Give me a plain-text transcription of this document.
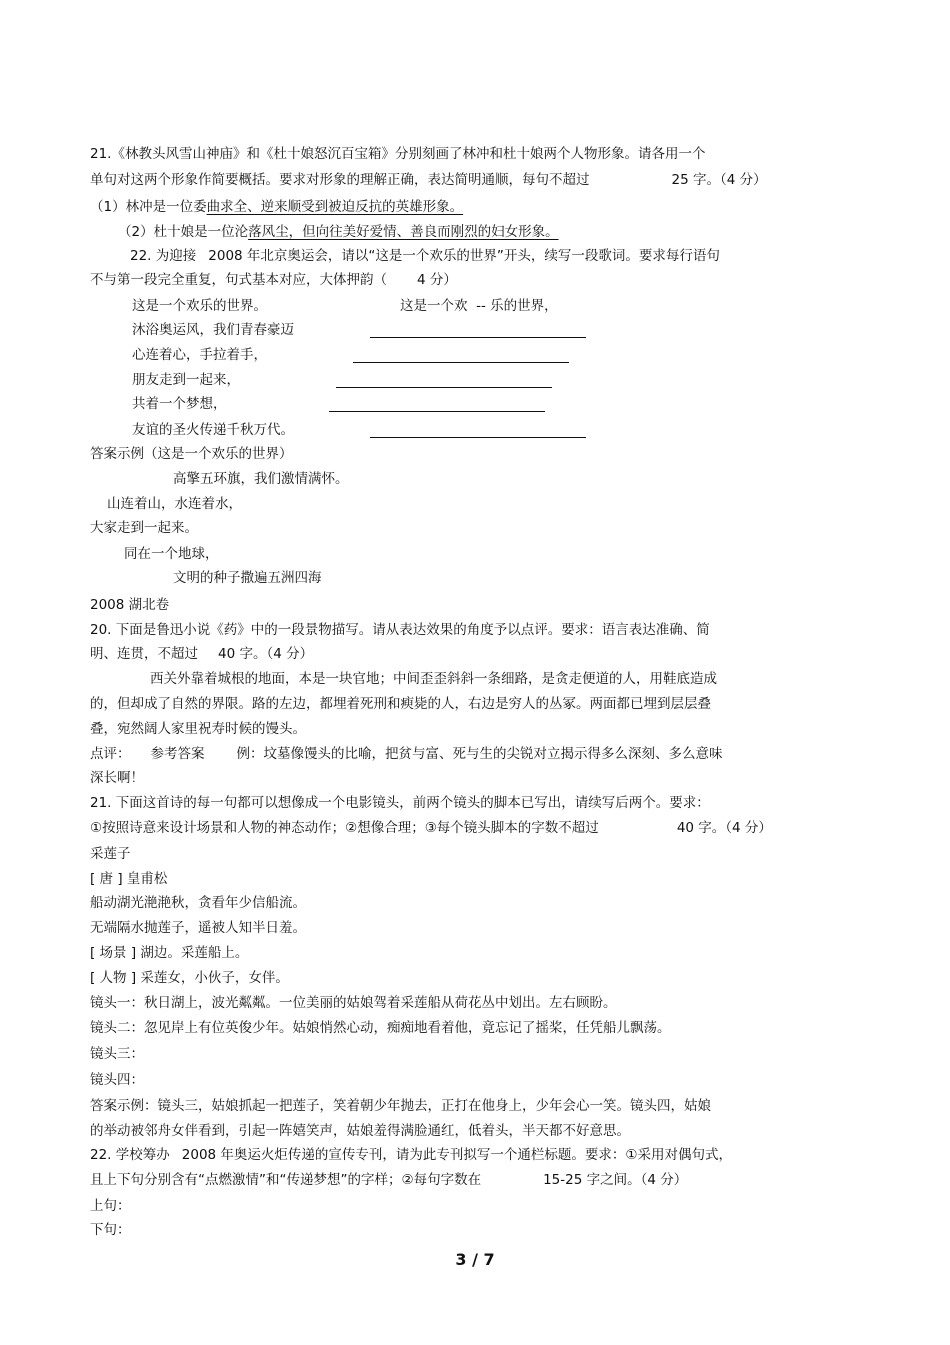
21.《林教头风雪山神庙》和《杜十娘怒沉百宝箱》分别刻画了林冲和杜十娘两个人物形象。请各用一个
单句对这两个形象作简要概括。要求对形象的理解正确，表达简明通顺，每句不超过	25 字。（4 分）
（1）林冲是一位委曲求全、逆来顺受到被迫反抗的英雄形象。
（2）杜十娘是一位沦落风尘，但向往美好爱情、善良而刚烈的妇女形象。
22. 为迎接 2008 年北京奥运会，请以“这是一个欢乐的世界”开头，续写一段歌词。要求每行语句
不与第一段完全重复，句式基本对应，大体押韵（ 4 分）
这是一个欢乐的世界。	这是一个欢  -- 乐的世界，
沐浴奥运风，我们青春豪迈
心连着心，手拉着手，
朋友走到一起来，
共着一个梦想，
友谊的圣火传递千秋万代。
答案示例（这是一个欢乐的世界）
高擎五环旗，我们激情满怀。
山连着山，水连着水，
大家走到一起来。
同在一个地球，
文明的种子撒遍五洲四海
2008 湖北卷
20. 下面是鲁迅小说《药》中的一段景物描写。请从表达效果的角度予以点评。要求：语言表达准确、简
明、连贯，不超过 40 字。（4 分）
西关外靠着城根的地面，本是一块官地；中间歪歪斜斜一条细路，是贪走便道的人，用鞋底造成
的，但却成了自然的界限。路的左边，都埋着死刑和瘐毙的人，右边是穷人的丛冢。两面都已埋到层层叠
叠，宛然阔人家里祝寿时候的馒头。
点评： 参考答案 例：坟墓像馒头的比喻，把贫与富、死与生的尖锐对立揭示得多么深刻、多么意味
深长啊！
21. 下面这首诗的每一句都可以想像成一个电影镜头，前两个镜头的脚本已写出，请续写后两个。要求：
①按照诗意来设计场景和人物的神态动作；②想像合理；③每个镜头脚本的字数不超过	40 字。（4 分）
采莲子
[ 唐 ] 皇甫松
船动湖光滟滟秋，贪看年少信船流。
无端隔水抛莲子，遥被人知半日羞。
[ 场景 ] 湖边。采莲船上。
[ 人物 ] 采莲女，小伙子，女伴。
镜头一：秋日湖上，波光粼粼。一位美丽的姑娘驾着采莲船从荷花丛中划出。左右顾盼。
镜头二：忽见岸上有位英俊少年。姑娘悄然心动，痴痴地看着他，竟忘记了摇桨，任凭船儿飘荡。
镜头三：
镜头四：
答案示例：镜头三，姑娘抓起一把莲子，笑着朝少年抛去，正打在他身上，少年会心一笑。镜头四，姑娘
的举动被邻舟女伴看到，引起一阵嬉笑声，姑娘羞得满脸通红，低着头，半天都不好意思。
22. 学校筹办 2008 年奥运火炬传递的宣传专刊，请为此专刊拟写一个通栏标题。要求：①采用对偶句式，
且上下句分别含有“点燃激情”和“传递梦想”的字样；②每句字数在	15-25 字之间。（4 分）
上句：
下句：
3 / 7
